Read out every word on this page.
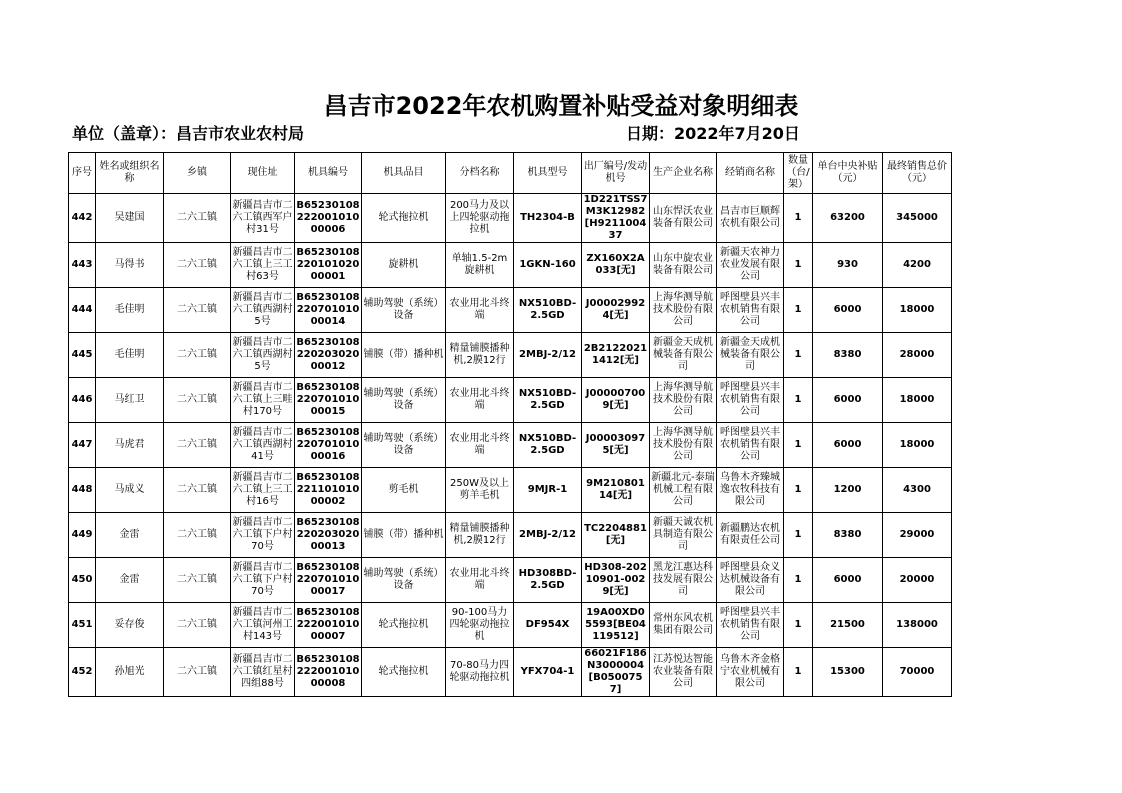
昌吉市2022年农机购置补贴受益对象明细表
单位（盖章）：昌吉市农业农村局	日期：2022年7月20日
序号	姓名或组织名称	乡镇	现住址	机具编号	机具品目	分档名称	机具型号	出厂编号/发动机号	生产企业名称	经销商名称	数量（台/架）	单台中央补贴（元）	最终销售总价（元）
442	吴建国	二六工镇	新疆昌吉市二六工镇西军户村31号	B6523010822200101000006	轮式拖拉机	200马力及以上四轮驱动拖拉机	TH2304-B	1D221TSS7M3K12982[H921100437	山东悍沃农业装备有限公司	昌吉市巨顺辉农机有限公司	1	63200	345000
443	马得书	二六工镇	新疆昌吉市二六工镇上三工村63号	B6523010822010102000001	旋耕机	单轴1.5-2m旋耕机	1GKN-160	ZX160X2A033[无]	山东中旋农业装备有限公司	新疆天农神力农业发展有限公司	1	930	4200
444	毛佳明	二六工镇	新疆昌吉市二六工镇西湖村5号	B6523010822070101000014	辅助驾驶（系统）设备	农业用北斗终端	NX510BD-2.5GD	J000029924[无]	上海华测导航技术股份有限公司	呼图壁县兴丰农机销售有限公司	1	6000	18000
445	毛佳明	二六工镇	新疆昌吉市二六工镇西湖村5号	B6523010822020302000012	铺膜（带）播种机	精量铺膜播种机,2膜12行	2MBJ-2/12	2B21220211412[无]	新疆金天成机械装备有限公司	新疆金天成机械装备有限公司	1	8380	28000
446	马红卫	二六工镇	新疆昌吉市二六工镇上三畦村170号	B6523010822070101000015	辅助驾驶（系统）设备	农业用北斗终端	NX510BD-2.5GD	J000007009[无]	上海华测导航技术股份有限公司	呼图壁县兴丰农机销售有限公司	1	6000	18000
447	马虎君	二六工镇	新疆昌吉市二六工镇西湖村41号	B6523010822070101000016	辅助驾驶（系统）设备	农业用北斗终端	NX510BD-2.5GD	J000030975[无]	上海华测导航技术股份有限公司	呼图壁县兴丰农机销售有限公司	1	6000	18000
448	马成义	二六工镇	新疆昌吉市二六工镇上三工村16号	B6523010822110101000002	剪毛机	250W及以上剪羊毛机	9MJR-1	9M21080114[无]	新疆北元-泰瑞机械工程有限公司	乌鲁木齐臻城逸农牧科技有限公司	1	1200	4300
449	金雷	二六工镇	新疆昌吉市二六工镇下户村70号	B6523010822020302000013	铺膜（带）播种机	精量铺膜播种机,2膜12行	2MBJ-2/12	TC2204881[无]	新疆天诚农机具制造有限公司	新疆鹏达农机有限责任公司	1	8380	29000
450	金雷	二六工镇	新疆昌吉市二六工镇下户村70号	B6523010822070101000017	辅助驾驶（系统）设备	农业用北斗终端	HD308BD-2.5GD	HD308-20210901-0029[无]	黑龙江惠达科技发展有限公司	呼图壁县众义达机械设备有限公司	1	6000	20000
451	妥存俊	二六工镇	新疆昌吉市二六工镇河州工村143号	B6523010822200101000007	轮式拖拉机	90-100马力四轮驱动拖拉机	DF954X	19A00XD05593[BE04119512]	常州东风农机集团有限公司	呼图壁县兴丰农机销售有限公司	1	21500	138000
452	孙旭光	二六工镇	新疆昌吉市二六工镇红星村四组88号	B6523010822200101000008	轮式拖拉机	70-80马力四轮驱动拖拉机	YFX704-1	66021F186N3000004[B0500757]	江苏悦达智能农业装备有限公司	乌鲁木齐金格宁农业机械有限公司	1	15300	70000
